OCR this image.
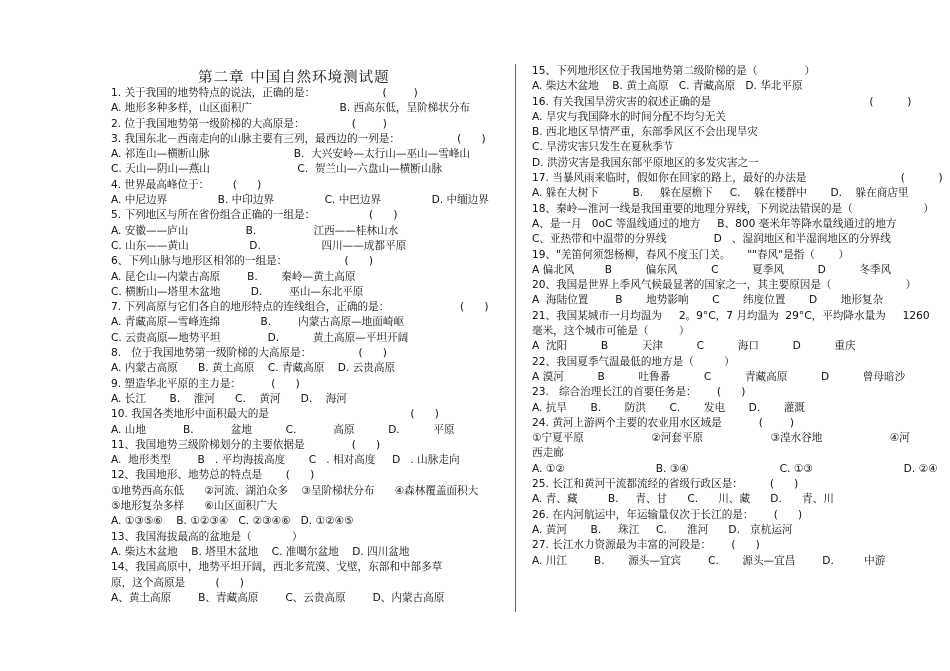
第二章 中国自然环境测试题
1. 关于我国的地势特点的说法，正确的是：                    (        )
A. 地形多种多样，山区面积广                          B. 西高东低，呈阶梯状分布
2. 位于我国地势第一级阶梯的大高原是：              (        )
3. 我国东北－西南走向的山脉主要有三列，最西边的一列是：                 (      )
A. 祁连山—横断山脉                         B.  大兴安岭—太行山—巫山—雪峰山
C. 天山—阴山—燕山                          C.  贺兰山—六盘山—横断山脉
4. 世界最高峰位于：       (      )
A. 中尼边界               B. 中印边界               C. 中巴边界               D. 中缅边界
5. 下列地区与所在省份组合正确的一组是：                (      )
A. 安徽——庐山                 B.                 江西——桂林山水
C. 山东——黄山                  D.                  四川——成都平原
6、下列山脉与地形区相邻的一组是：                 (      )
A. 昆仑山—内蒙古高原        B.       秦岭—黄土高原
C. 横断山—塔里木盆地         D.        巫山—东北平原
7. 下列高原与它们各自的地形特点的连线组合，正确的是：                     (      )
A. 青藏高原—雪峰连绵            B.        内蒙古高原—地面崎岖
C. 云贵高原—地势平坦              D.          黄土高原—平坦开阔
8.   位于我国地势第一级阶梯的大高原是：              (      )
A. 内蒙古高原      B. 黄土高原    C. 青藏高原    D. 云贵高原
9. 塑造华北平原的主力是：         (      )
A. 长江       B.    淮河      C.    黄河      D.    海河
10. 我国各类地形中面积最大的是                                          (      )
A. 山地           B.           盆地          C.           高原          D.          平原
11、我国地势三级阶梯划分的主要依据是              (      )
A.  地形类型        B   . 平均海拔高度       C   . 相对高度     D   . 山脉走向
12、我国地形、地势总的特点是       (      )
①地势西高东低      ②河流、湖泊众多    ③呈阶梯状分布      ④森林覆盖面积大
⑤地形复杂多样      ⑥山区面积广大
A. ①③⑤⑥    B. ①②③④   C. ②③④⑥   D. ①②④⑤
13、我国海拔最高的盆地是（            ）
A. 柴达木盆地    B. 塔里木盆地    C. 准噶尔盆地    D. 四川盆地
14、我国高原中，地势平坦开阔，西北多荒漠、戈壁，东部和中部多草
原，这个高原是         (      )
A、黄土高原        B、青藏高原        C、云贵高原        D、内蒙古高原
15、下列地形区位于我国地势第二级阶梯的是（              ）
A. 柴达木盆地    B. 黄土高原   C. 青藏高原   D. 华北平原
16. 有关我国旱涝灾害的叙述正确的是                                               (          )
A. 旱灾与我国降水的时间分配不均匀无关
B. 西北地区旱情严重，东部季风区不会出现旱灾
C. 旱涝灾害只发生在夏秋季节
D. 洪涝灾害是我国东部平原地区的多发灾害之一
17. 当暴风雨来临时，假如你在回家的路上，最好的办法是                            (          )
A. 躲在大树下          B.     躲在屋檐下     C.    躲在楼群中       D.    躲在商店里
18、秦岭—淮河一线是我国重要的地理分界线，下列说法错误的是（                     ）
A、是一月   0oC 等温线通过的地方     B、800 毫米年等降水量线通过的地方
C、亚热带和中温带的分界线              D   、湿润地区和半湿润地区的分界线
19、"羌笛何须怨杨柳，春风不度玉门关。     ""春风"是指（       ）
A 偏北风         B          偏东风          C          夏季风          D          冬季风
20、我国是世界上季风气候最显著的国家之一，其主要原因是（                      ）
A  海陆位置        B       地势影响       C       纬度位置       D       地形复杂
21、我国某城市一月均温为     2。9°C，7 月均温为  29°C，平均降水量为     1260
毫米，这个城市可能是（         ）
A  沈阳          B          天津          C          海口          D          重庆
22、我国夏季气温最低的地方是（         ）
A 漠河          B          吐鲁番          C          青藏高原          D          曾母暗沙
23.   综合治理长江的首要任务是：      (      )
A. 抗旱       B.       防洪       C.       发电       D.       灌溉
24. 黄河上游两个主要的农业用水区域是           (        )
①宁夏平原                    ②河套平原                    ③湟水谷地                    ④河
西走廊
A. ①②                           B. ③④                           C. ①③                           D. ②④
25. 长江和黄河干流都流经的省级行政区是：        (      )
A. 青、藏         B.     青、甘      C.      川、藏      D.      青、川
26. 在内河航运中，年运输量仅次于长江的是：      (      )
A. 黄河       B.     珠江     C.      淮河      D.   京杭运河
27. 长江水力资源最为丰富的河段是：      (      )
A. 川江        B.       源头—宜宾        C.       源头—宜昌        D.         中游
